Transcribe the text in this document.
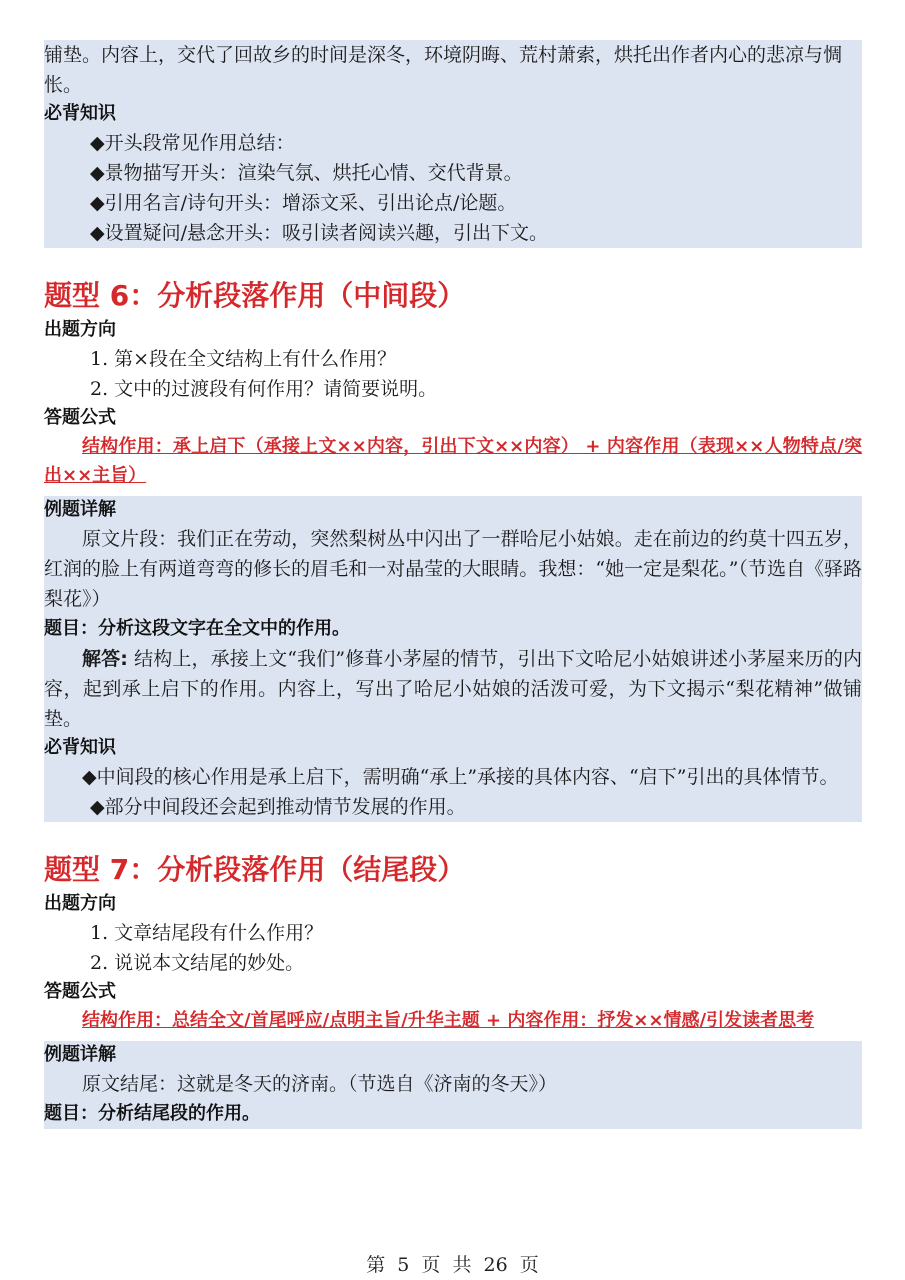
铺垫。内容上，交代了回故乡的时间是深冬，环境阴晦、荒村萧索，烘托出作者内心的悲凉与惆怅。

必背知识

◆开头段常见作用总结：

◆景物描写开头：渲染气氛、烘托心情、交代背景。

◆引用名言/诗句开头：增添文采、引出论点/论题。

◆设置疑问/悬念开头：吸引读者阅读兴趣，引出下文。

题型 6：分析段落作用（中间段）

出题方向

1. 第×段在全文结构上有什么作用？

2. 文中的过渡段有何作用？请简要说明。

答题公式

结构作用：承上启下（承接上文××内容，引出下文××内容） + 内容作用（表现××人物特点/突出××主旨）

例题详解

原文片段：我们正在劳动，突然梨树丛中闪出了一群哈尼小姑娘。走在前边的约莫十四五岁，红润的脸上有两道弯弯的修长的眉毛和一对晶莹的大眼睛。我想：“她一定是梨花。”（节选自《驿路梨花》）

题目：分析这段文字在全文中的作用。

解答: 结构上，承接上文“我们”修葺小茅屋的情节，引出下文哈尼小姑娘讲述小茅屋来历的内容，起到承上启下的作用。内容上，写出了哈尼小姑娘的活泼可爱，为下文揭示“梨花精神”做铺垫。

必背知识

◆中间段的核心作用是承上启下，需明确“承上”承接的具体内容、“启下”引出的具体情节。

◆部分中间段还会起到推动情节发展的作用。

题型 7：分析段落作用（结尾段）

出题方向

1. 文章结尾段有什么作用？

2. 说说本文结尾的妙处。

答题公式

结构作用：总结全文/首尾呼应/点明主旨/升华主题 + 内容作用：抒发××情感/引发读者思考

例题详解

原文结尾：这就是冬天的济南。（节选自《济南的冬天》）

题目：分析结尾段的作用。

第 5 页 共 26 页
